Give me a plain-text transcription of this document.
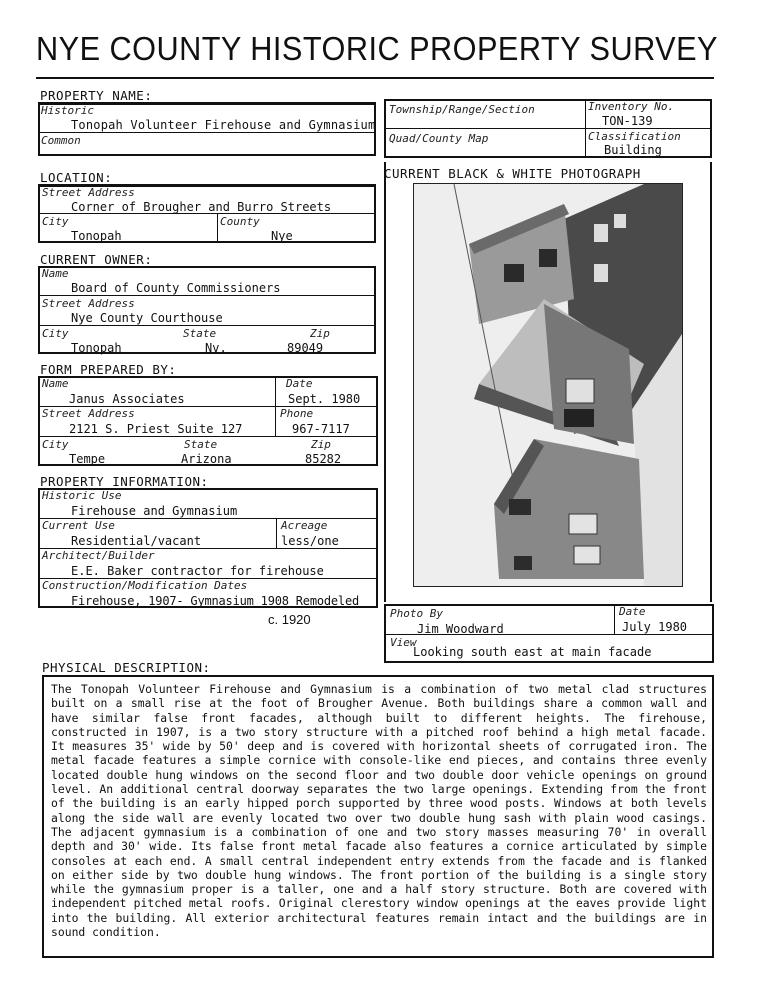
NYE COUNTY HISTORIC PROPERTY SURVEY
PROPERTY NAME:
Historic
Tonopah Volunteer Firehouse and Gymnasium
Common
Township/Range/Section	Inventory No.
TON-139
Quad/County Map	Classification
Building
LOCATION:
Street Address
Corner of Brougher and Burro Streets
City
Tonopah
County
Nye
CURRENT OWNER:
Name
Board of County Commissioners
Street Address
Nye County Courthouse
City
Tonopah
State
Nv.
Zip
89049
FORM PREPARED BY:
Name
Janus Associates
Date
Sept. 1980
Street Address
2121 S. Priest Suite 127
Phone
967-7117
City
Tempe
State
Arizona
Zip
85282
PROPERTY INFORMATION:
Historic Use
Firehouse and Gymnasium
Current Use
Residential/vacant
Acreage
less/one
Architect/Builder
E.E. Baker contractor for firehouse
Construction/Modification Dates
Firehouse, 1907- Gymnasium 1908 Remodeled
c. 1920
CURRENT BLACK & WHITE PHOTOGRAPH
Photo By
Jim Woodward
Date
July 1980
View
Looking south east at main facade
PHYSICAL DESCRIPTION:
The Tonopah Volunteer Firehouse and Gymnasium is a combination of two metal clad structures built on a small rise at the foot of Brougher Avenue. Both buildings share a common wall and have similar false front facades, although built to different heights. The firehouse, constructed in 1907, is a two story structure with a pitched roof behind a high metal facade. It measures 35' wide by 50' deep and is covered with horizontal sheets of corrugated iron. The metal facade features a simple cornice with console-like end pieces, and contains three evenly located double hung windows on the second floor and two double door vehicle openings on ground level. An additional central doorway separates the two large openings. Extending from the front of the building is an early hipped porch supported by three wood posts. Windows at both levels along the side wall are evenly located two over two double hung sash with plain wood casings. The adjacent gymnasium is a combination of one and two story masses measuring 70' in overall depth and 30' wide. Its false front metal facade also features a cornice articulated by simple consoles at each end. A small central independent entry extends from the facade and is flanked on either side by two double hung windows. The front portion of the building is a single story while the gymnasium proper is a taller, one and a half story structure. Both are covered with independent pitched metal roofs. Original clerestory window openings at the eaves provide light into the building. All exterior architectural features remain intact and the buildings are in sound condition.
